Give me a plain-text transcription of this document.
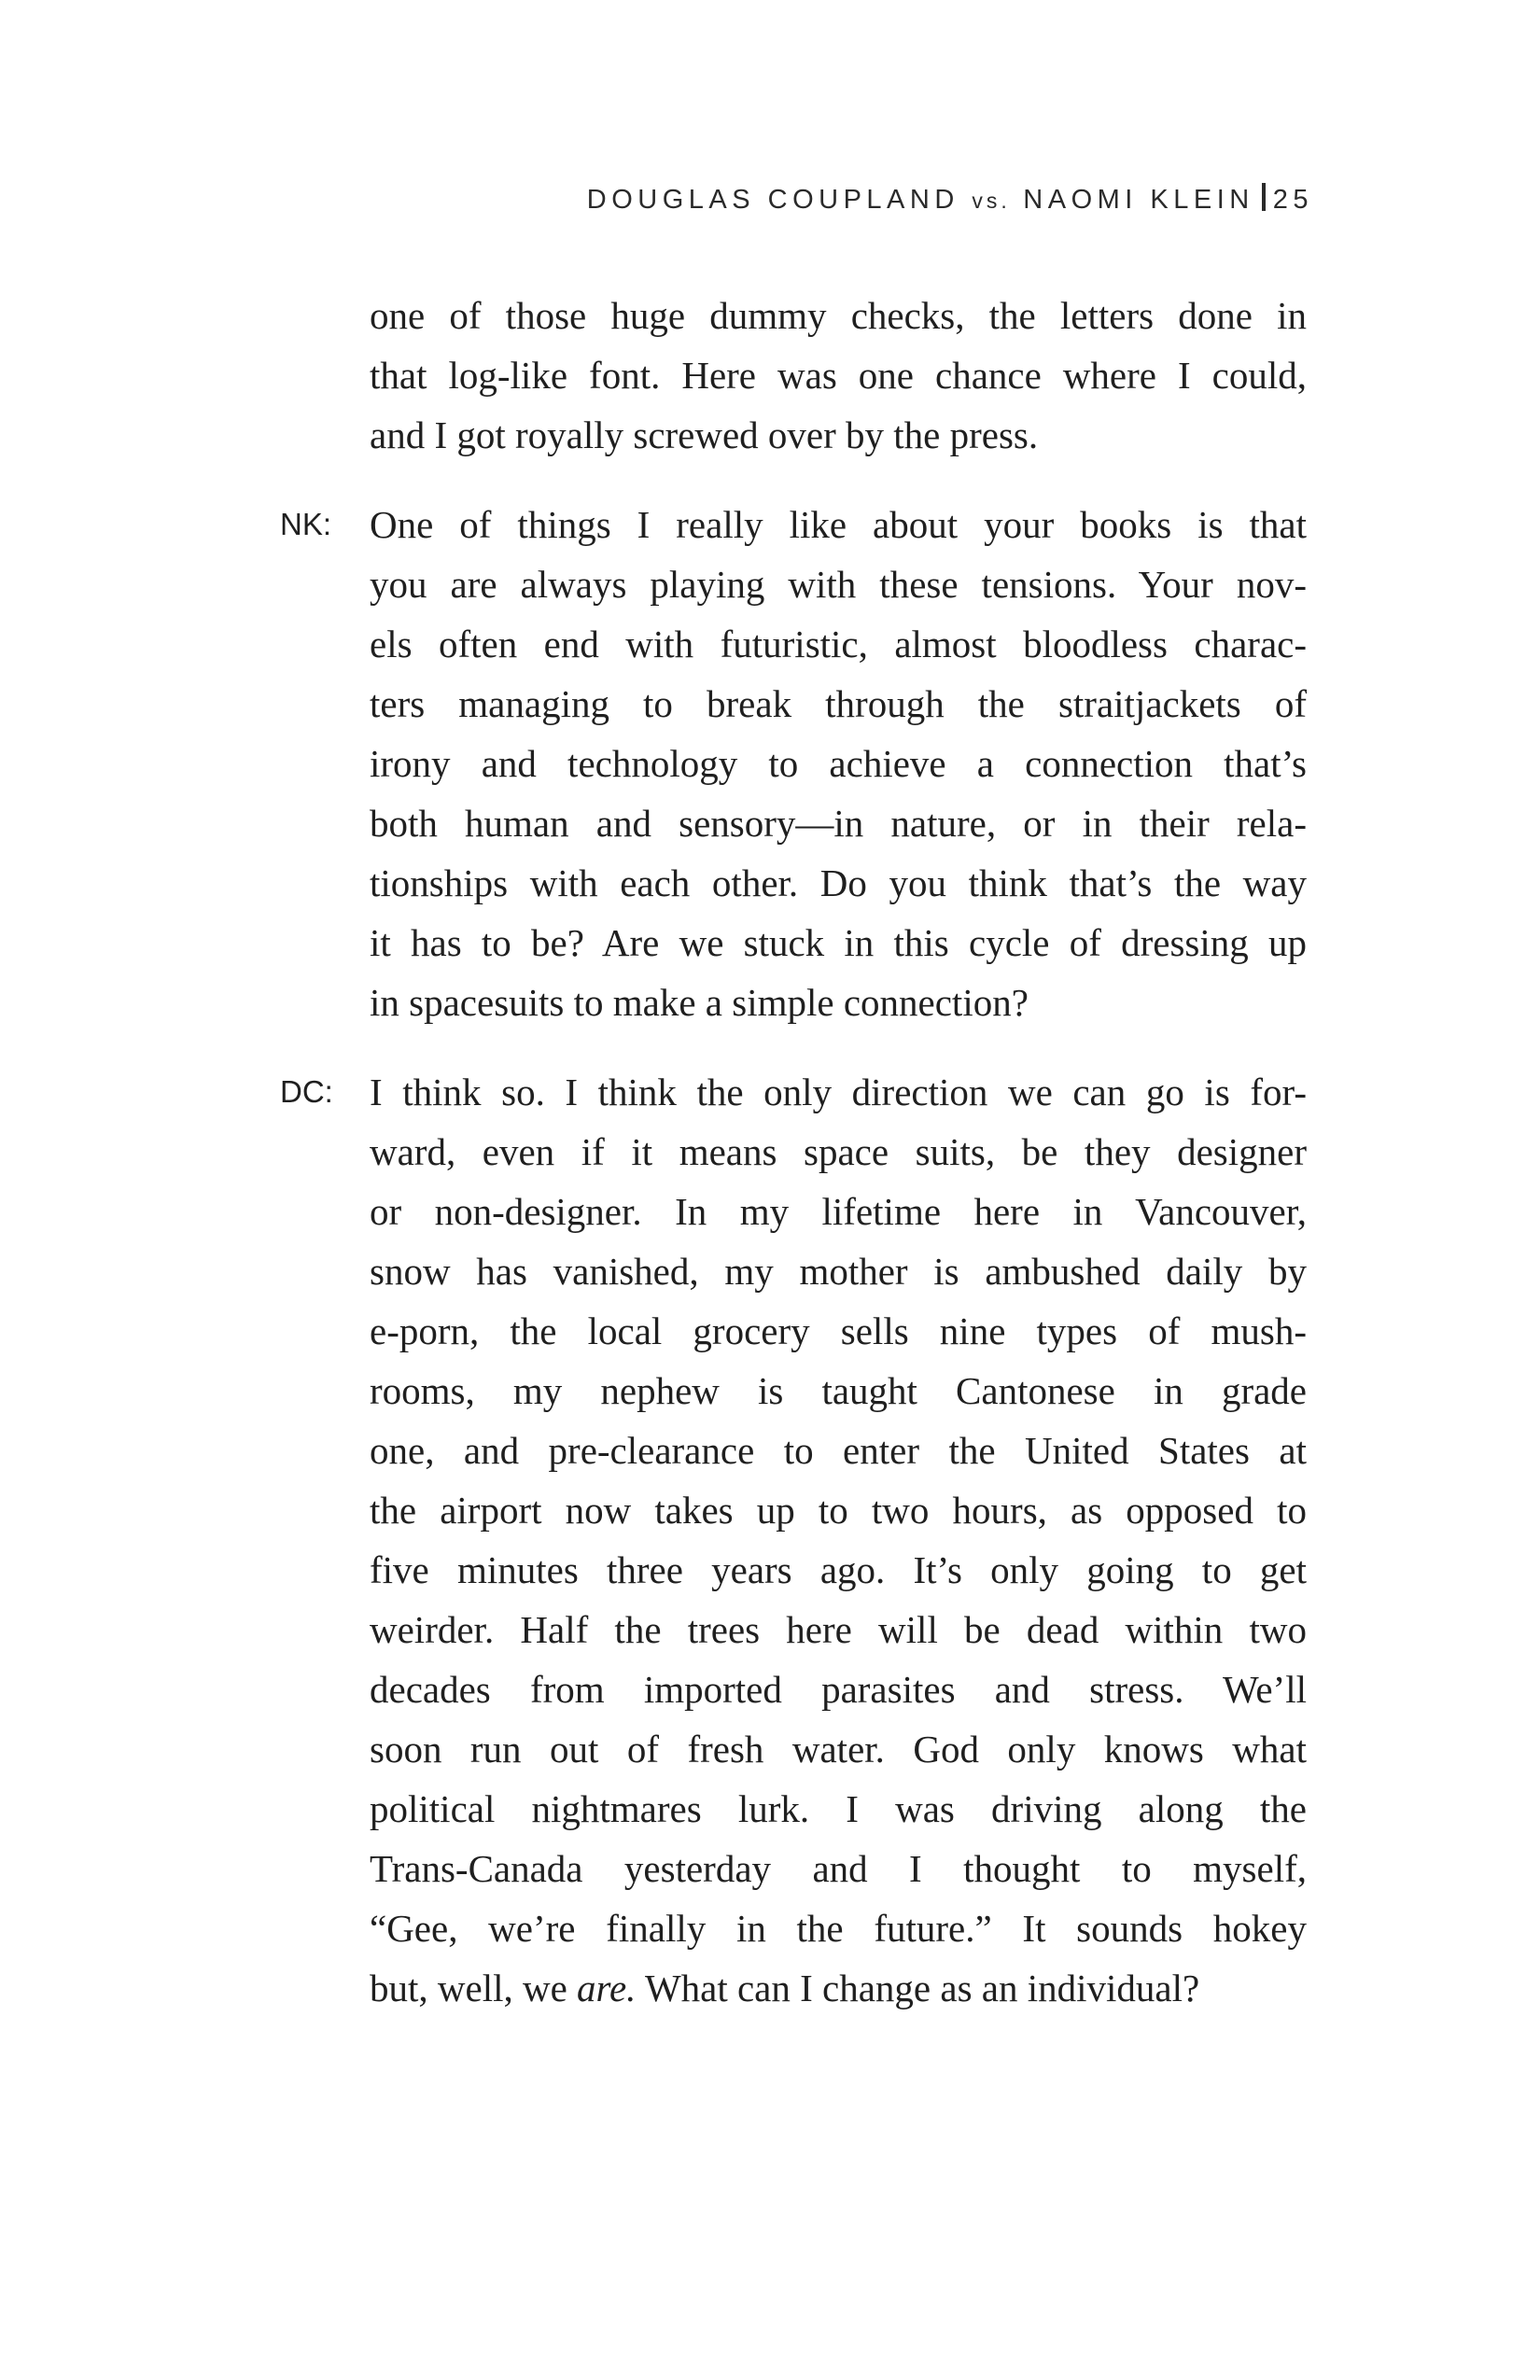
DOUGLAS COUPLAND vs. NAOMI KLEIN 25
one of those huge dummy checks, the letters done in
that log-like font. Here was one chance where I could,
and I got royally screwed over by the press.
NK: One of things I really like about your books is that
you are always playing with these tensions. Your nov-
els often end with futuristic, almost bloodless charac-
ters managing to break through the straitjackets of
irony and technology to achieve a connection that’s
both human and sensory—in nature, or in their rela-
tionships with each other. Do you think that’s the way
it has to be? Are we stuck in this cycle of dressing up
in spacesuits to make a simple connection?
DC: I think so. I think the only direction we can go is for-
ward, even if it means space suits, be they designer
or non-designer. In my lifetime here in Vancouver,
snow has vanished, my mother is ambushed daily by
e-porn, the local grocery sells nine types of mush-
rooms, my nephew is taught Cantonese in grade
one, and pre-clearance to enter the United States at
the airport now takes up to two hours, as opposed to
five minutes three years ago. It’s only going to get
weirder. Half the trees here will be dead within two
decades from imported parasites and stress. We’ll
soon run out of fresh water. God only knows what
political nightmares lurk. I was driving along the
Trans-Canada yesterday and I thought to myself,
“Gee, we’re finally in the future.” It sounds hokey
but, well, we are. What can I change as an individual?
